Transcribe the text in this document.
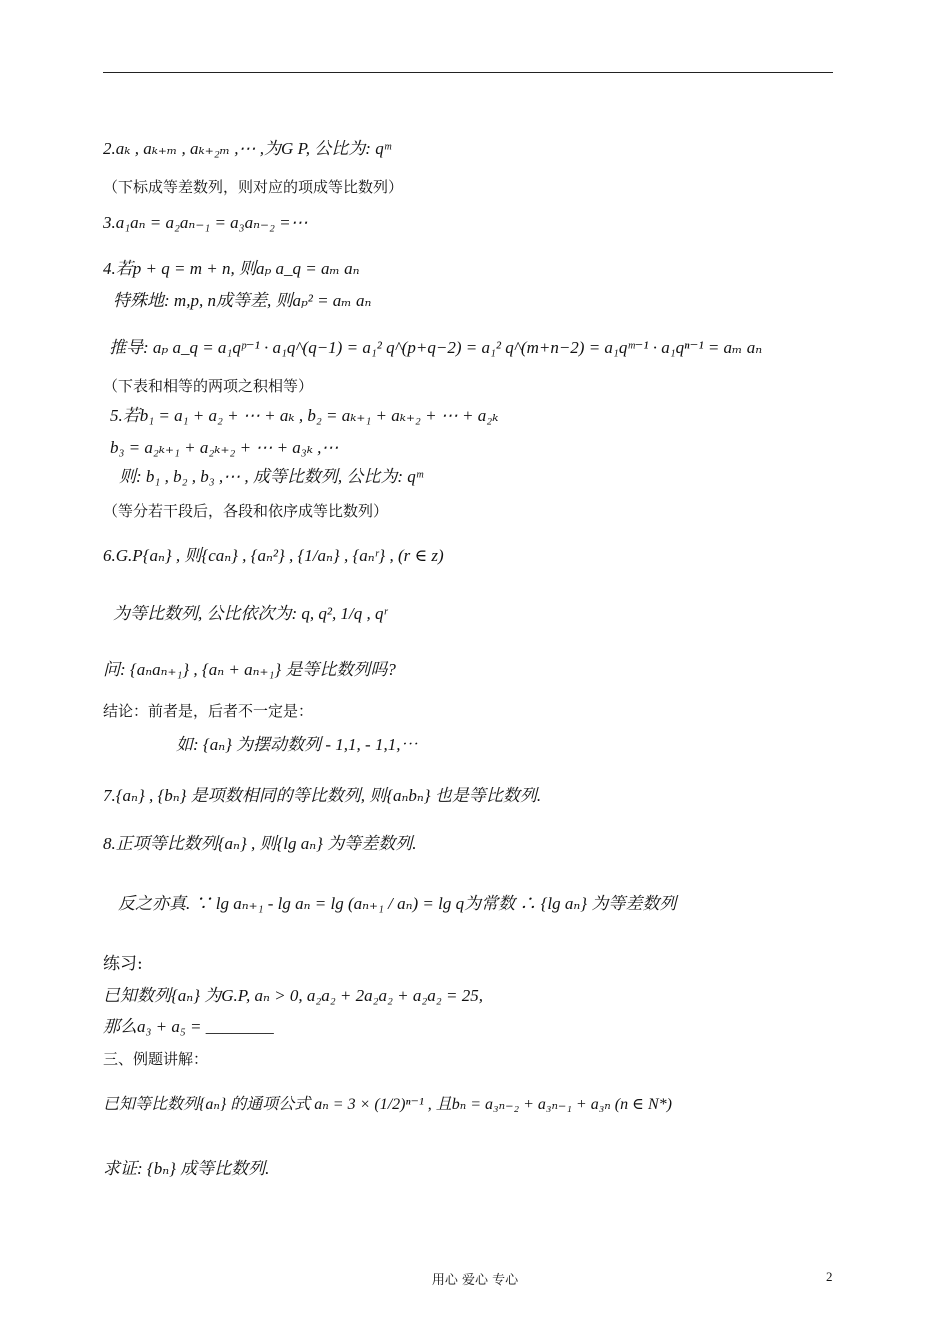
2.aₖ , aₖ₊ₘ , aₖ₊₂ₘ ,⋯ ,为G P, 公比为: qᵐ
（下标成等差数列，则对应的项成等比数列）
3.a₁aₙ = a₂aₙ₋₁ = a₃aₙ₋₂ =⋯
4.若p + q = m + n, 则aₚ a_q = aₘ aₙ
特殊地: m,p, n成等差, 则aₚ² = aₘ aₙ
推导: aₚ a_q = a₁qᵖ⁻¹ · a₁q^(q−1) = a₁² q^(p+q−2) = a₁² q^(m+n−2) = a₁qᵐ⁻¹ · a₁qⁿ⁻¹ = aₘ aₙ
（下表和相等的两项之积相等）
5.若b₁ = a₁ + a₂ + ⋯ + aₖ , b₂ = aₖ₊₁ + aₖ₊₂ + ⋯ + a₂ₖ
b₃ = a₂ₖ₊₁ + a₂ₖ₊₂ + ⋯ + a₃ₖ ,⋯
则: b₁ , b₂ , b₃ ,⋯ , 成等比数列, 公比为: qᵐ
（等分若干段后，各段和依序成等比数列）
6.G.P{aₙ} , 则{caₙ} , {aₙ²} , {1/aₙ} , {aₙʳ} , (r ∈ z)
为等比数列, 公比依次为: q, q², 1/q , qʳ
问: {aₙaₙ₊₁} , {aₙ + aₙ₊₁} 是等比数列吗?
结论：前者是，后者不一定是：
如: {aₙ} 为摆动数列 - 1,1, - 1,1,⋯
7.{aₙ} , {bₙ} 是项数相同的等比数列, 则{aₙbₙ} 也是等比数列.
8.正项等比数列{aₙ} , 则{lg aₙ} 为等差数列.
反之亦真. ∵ lg aₙ₊₁ - lg aₙ = lg (aₙ₊₁ / aₙ) = lg q为常数 ∴ {lg aₙ} 为等差数列
练习:
已知数列{aₙ} 为G.P, aₙ > 0, a₂a₂ + 2a₂a₂ + a₂a₂ = 25,
那么a₃ + a₅ = ________
三、例题讲解：
已知等比数列{aₙ} 的通项公式 aₙ = 3 × (1/2)ⁿ⁻¹ , 且bₙ = a₃ₙ₋₂ + a₃ₙ₋₁ + a₃ₙ (n ∈ N*)
求证: {bₙ} 成等比数列.
用心 爱心 专心	2
